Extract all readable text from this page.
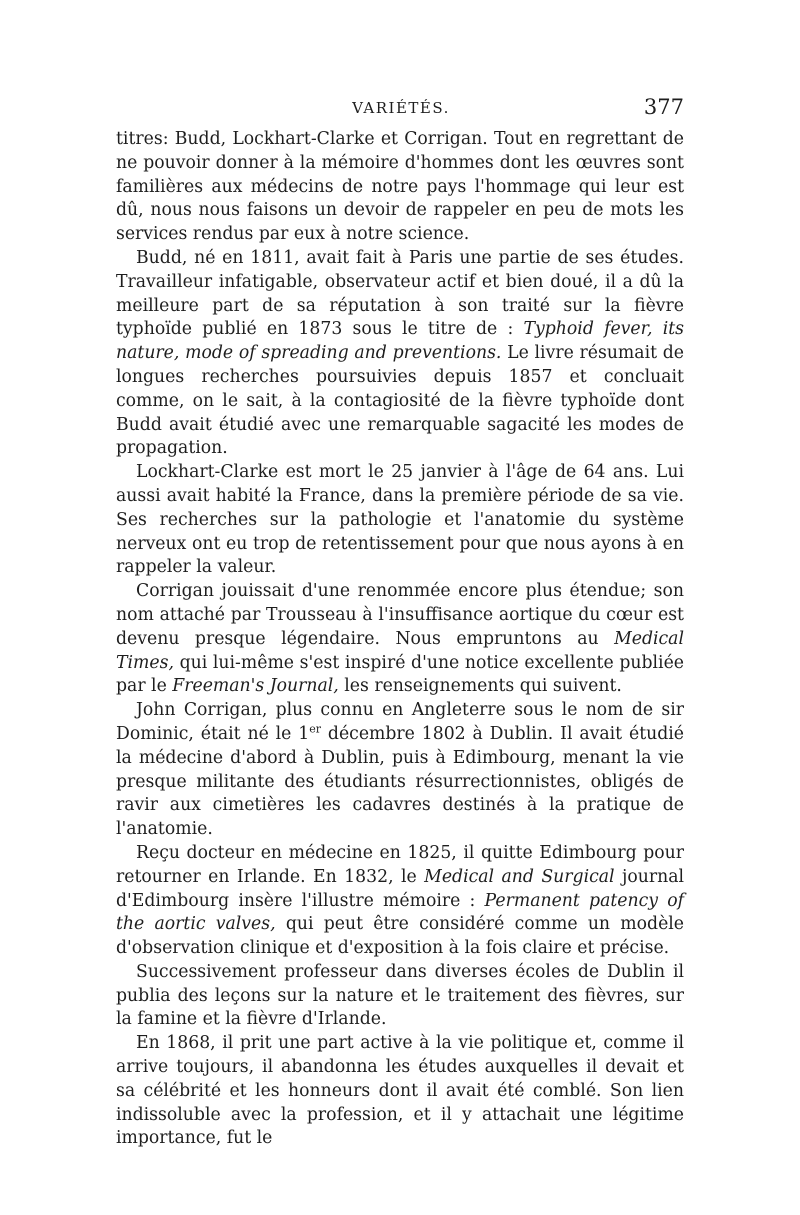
VARIÉTÉS.	377

titres: Budd, Lockhart-Clarke et Corrigan. Tout en regrettant de ne pouvoir donner à la mémoire d'hommes dont les œuvres sont familières aux médecins de notre pays l'hommage qui leur est dû, nous nous faisons un devoir de rappeler en peu de mots les services rendus par eux à notre science.

Budd, né en 1811, avait fait à Paris une partie de ses études. Travailleur infatigable, observateur actif et bien doué, il a dû la meilleure part de sa réputation à son traité sur la fièvre typhoïde publié en 1873 sous le titre de : Typhoid fever, its nature, mode of spreading and preventions. Le livre résumait de longues recherches poursuivies depuis 1857 et concluait comme, on le sait, à la contagiosité de la fièvre typhoïde dont Budd avait étudié avec une remarquable sagacité les modes de propagation.

Lockhart-Clarke est mort le 25 janvier à l'âge de 64 ans. Lui aussi avait habité la France, dans la première période de sa vie. Ses recherches sur la pathologie et l'anatomie du système nerveux ont eu trop de retentissement pour que nous ayons à en rappeler la valeur.

Corrigan jouissait d'une renommée encore plus étendue; son nom attaché par Trousseau à l'insuffisance aortique du cœur est devenu presque légendaire. Nous empruntons au Medical Times, qui lui-même s'est inspiré d'une notice excellente publiée par le Freeman's Journal, les renseignements qui suivent.

John Corrigan, plus connu en Angleterre sous le nom de sir Dominic, était né le 1er décembre 1802 à Dublin. Il avait étudié la médecine d'abord à Dublin, puis à Edimbourg, menant la vie presque militante des étudiants résurrectionnistes, obligés de ravir aux cimetières les cadavres destinés à la pratique de l'anatomie.

Reçu docteur en médecine en 1825, il quitte Edimbourg pour retourner en Irlande. En 1832, le Medical and Surgical journal d'Edimbourg insère l'illustre mémoire : Permanent patency of the aortic valves, qui peut être considéré comme un modèle d'observation clinique et d'exposition à la fois claire et précise.

Successivement professeur dans diverses écoles de Dublin il publia des leçons sur la nature et le traitement des fièvres, sur la famine et la fièvre d'Irlande.

En 1868, il prit une part active à la vie politique et, comme il arrive toujours, il abandonna les études auxquelles il devait et sa célébrité et les honneurs dont il avait été comblé. Son lien indissoluble avec la profession, et il y attachait une légitime importance, fut le
